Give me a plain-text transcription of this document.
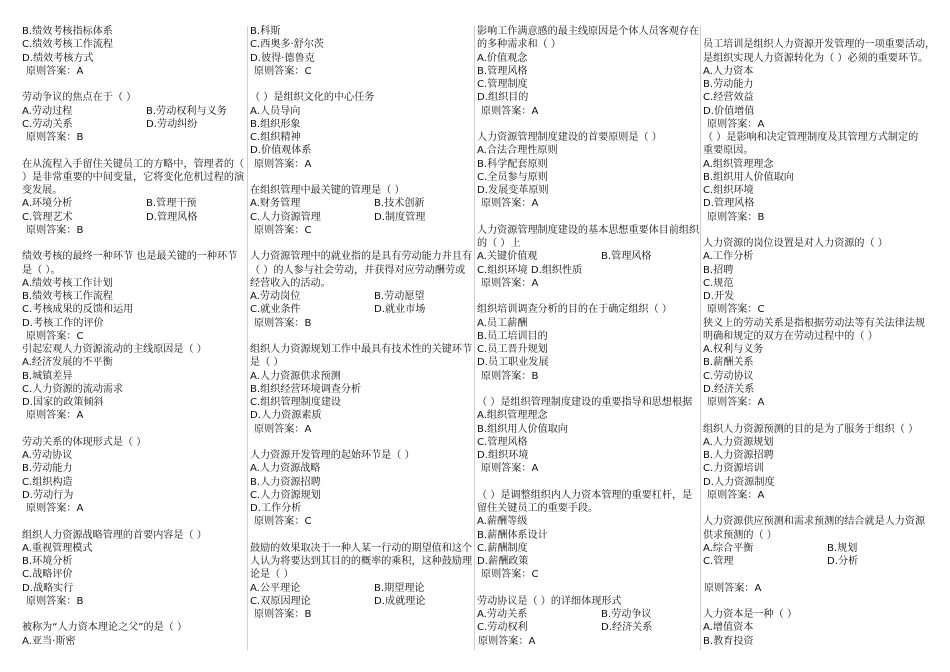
B.绩效考核指标体系
C.绩效考核工作流程
D.绩效考核方式
原则答案：A
劳动争议的焦点在于（ ）
A.劳动过程	B.劳动权利与义务
C.劳动关系	D.劳动纠纷
原则答案：B
在从流程入手留住关键员工的方略中，管理者的（
）是非常重要的中间变量，它将变化危机过程的演
变发展。
A.环境分析	B.管理干预
C.管理艺术	D.管理风格
原则答案：B
绩效考核的最终一种环节 也是最关键的一种环节
是（ ）。
A.绩效考核工作计划
B.绩效考核工作流程
C.考核成果的反馈和运用
D.考核工作的评价
原则答案：C
引起宏观人力资源流动的主线原因是（ ）
A.经济发展的不平衡
B.城镇差异
C.人力资源的流动需求
D.国家的政策倾斜
原则答案：A
劳动关系的体现形式是（ ）
A.劳动协议
B.劳动能力
C.组织构造
D.劳动行为
原则答案：A
组织人力资源战略管理的首要内容是（ ）
A.重视管理模式
B.环境分析
C.战略评价
D.战略实行
原则答案：B
被称为“人力资本理论之父”的是（ ）
A.亚当·斯密
B.科斯
C.西奥多·舒尔茨
D.彼得·德鲁克
原则答案：C
（ ）是组织文化的中心任务
A.人员导向
B.组织形象
C.组织精神
D.价值观体系
原则答案：A
在组织管理中最关键的管理是（ ）
A.财务管理	B.技术创新
C.人力资源管理	D.制度管理
原则答案：C
人力资源管理中的就业指的是具有劳动能力并且有
（ ）的人参与社会劳动，并获得对应劳动酬劳或
经营收入的活动。
A.劳动岗位	B.劳动愿望
C.就业条件	D.就业市场
原则答案：B
组织人力资源规划工作中最具有技术性的关键环节
是（ ）
A.人力资源供求预测
B.组织经营环境调查分析
C.组织管理制度建设
D.人力资源素质
原则答案：A
人力资源开发管理的起始环节是（ ）
A.人力资源战略
B.人力资源招聘
C.人力资源规划
D.工作分析
原则答案：C
鼓励的效果取决于一种人某一行动的期望值和这个
人认为将要达到其目的的概率的乘积，这种鼓励理
论是（ ）
A.公平理论	B.期望理论
C.双原因理论	D.成就理论
原则答案：B
影响工作满意感的最主线原因是个体人员客观存在
的多种需求和（ ）
A.价值观念
B.管理风格
C.管理制度
D.组织目的
原则答案：A
人力资源管理制度建设的首要原则是（ ）
A.合法合理性原则
B.科学配套原则
C.全员参与原则
D.发展变革原则
原则答案：A
人力资源管理制度建设的基本思想重要体目前组织
的（ ）上
A.关键价值观	B.管理风格
C.组织环境 D.组织性质
原则答案：A
组织培训调查分析的目的在于确定组织（ ）
A.员工薪酬
B.员工培训目的
C.员工晋升规划
D.员工职业发展
原则答案：B
（ ）是组织管理制度建设的重要指导和思想根据
A.组织管理理念
B.组织用人价值取向
C.管理风格
D.组织环境
原则答案：A
（ ）是调整组织内人力资本管理的重要杠杆，是
留住关键员工的重要手段。
A.薪酬等级
B.薪酬体系设计
C.薪酬制度
D.薪酬政策
原则答案：C
劳动协议是（ ）的详细体现形式
A.劳动关系	B.劳动争议
C.劳动权利	D.经济关系
原则答案：A
员工培训是组织人力资源开发管理的一项重要活动，
是组织实现人力资源转化为（ ）必须的重要环节。
A.人力资本
B.劳动能力
C.经营效益
D.价值增值
原则答案：A
（ ）是影响和决定管理制度及其管理方式制定的
重要原因。
A.组织管理理念
B.组织用人价值取向
C.组织环境
D.管理风格
原则答案：B
人力资源的岗位设置是对人力资源的（ ）
A.工作分析
B.招聘
C.规范
D.开发
原则答案：C
狭义上的劳动关系是指根据劳动法等有关法律法规
明确和规定的双方在劳动过程中的（ ）
A.权利与义务
B.薪酬关系
C.劳动协议
D.经济关系
原则答案：A
组织人力资源预测的目的是为了服务于组织（ ）
A.人力资源规划
B.人力资源招聘
C.力资源培训
D.人力资源制度
原则答案：A
人力资源供应预测和需求预测的结合就是人力资源
供求预测的（ ）
A.综合平衡	B.规划
C.管理	D.分析
原则答案：A
人力资本是一种（ ）
A.增值资本
B.教育投资
